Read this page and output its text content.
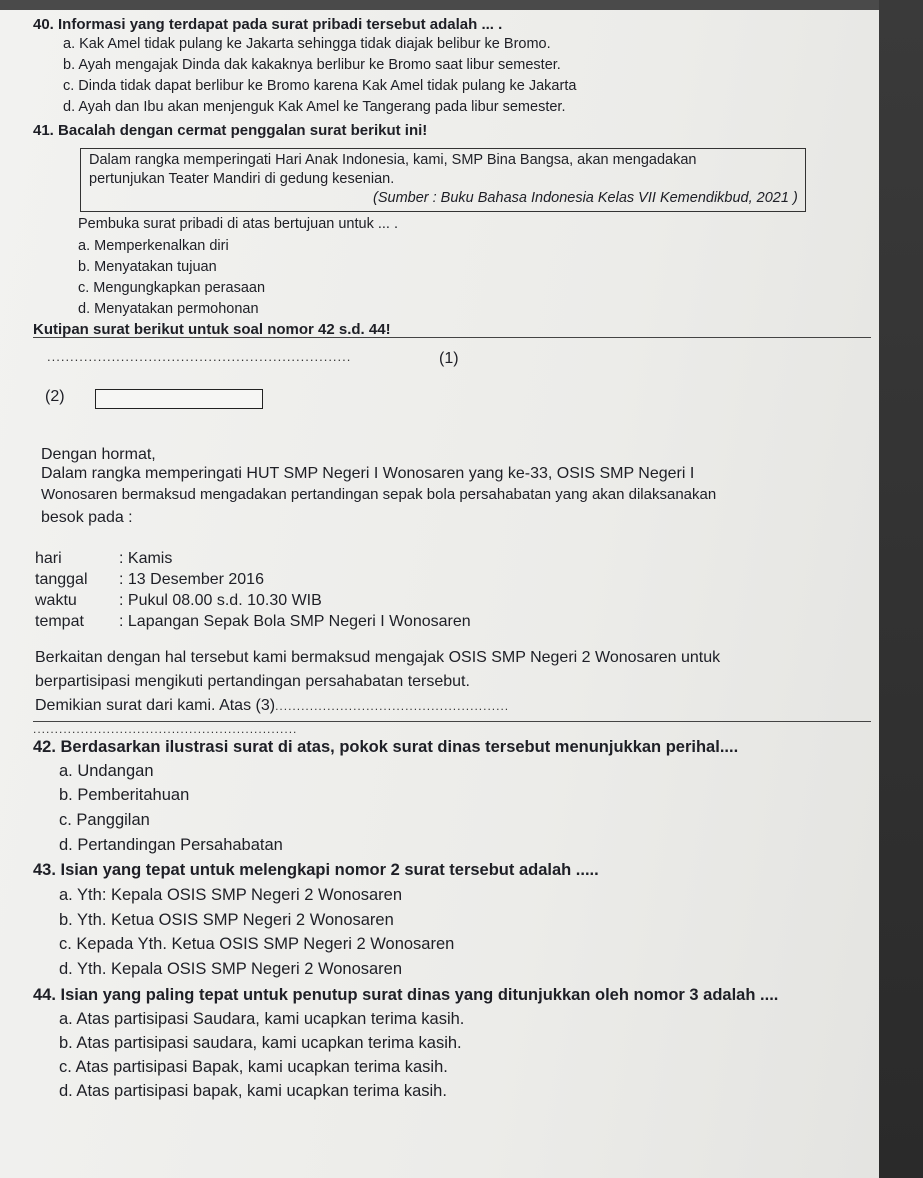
40. Informasi yang terdapat pada surat pribadi tersebut adalah ... .
a. Kak Amel tidak pulang ke Jakarta sehingga tidak diajak belibur ke Bromo.
b. Ayah mengajak Dinda dak kakaknya berlibur ke Bromo saat libur semester.
c. Dinda tidak dapat berlibur ke Bromo karena Kak Amel tidak pulang ke Jakarta
d. Ayah dan Ibu akan menjenguk Kak Amel ke Tangerang pada libur semester.
41. Bacalah dengan cermat penggalan surat berikut ini!
Dalam rangka memperingati Hari Anak Indonesia, kami, SMP Bina Bangsa, akan mengadakan
pertunjukan Teater Mandiri di gedung kesenian.
(Sumber : Buku Bahasa Indonesia Kelas VII Kemendikbud, 2021 )
Pembuka surat pribadi di atas bertujuan untuk ... .
a. Memperkenalkan diri
b. Menyatakan tujuan
c. Mengungkapkan perasaan
d. Menyatakan permohonan
Kutipan surat berikut untuk soal nomor 42 s.d. 44!
..................................................................	(1)
(2)
Dengan hormat,
Dalam rangka memperingati HUT SMP Negeri I Wonosaren yang ke-33, OSIS SMP Negeri I
Wonosaren bermaksud mengadakan pertandingan sepak bola persahabatan yang akan dilaksanakan
besok pada :
hari	: Kamis
tanggal : 13 Desember 2016
waktu	: Pukul 08.00 s.d. 10.30 WIB
tempat : Lapangan Sepak Bola SMP Negeri I Wonosaren
Berkaitan dengan hal tersebut kami bermaksud mengajak OSIS SMP Negeri 2 Wonosaren untuk
berpartisipasi mengikuti pertandingan persahabatan tersebut.
Demikian surat dari kami. Atas (3)......................................................
.............................................................
42. Berdasarkan ilustrasi surat di atas, pokok surat dinas tersebut menunjukkan perihal....
a. Undangan
b. Pemberitahuan
c. Panggilan
d. Pertandingan Persahabatan
43. Isian yang tepat untuk melengkapi nomor 2 surat tersebut adalah .....
a. Yth: Kepala OSIS SMP Negeri 2 Wonosaren
b. Yth. Ketua OSIS SMP Negeri 2 Wonosaren
c. Kepada Yth. Ketua OSIS SMP Negeri 2 Wonosaren
d. Yth. Kepala OSIS SMP Negeri 2 Wonosaren
44. Isian yang paling tepat untuk penutup surat dinas yang ditunjukkan oleh nomor 3 adalah ....
a. Atas partisipasi Saudara, kami ucapkan terima kasih.
b. Atas partisipasi saudara, kami ucapkan terima kasih.
c. Atas partisipasi Bapak, kami ucapkan terima kasih.
d. Atas partisipasi bapak, kami ucapkan terima kasih.
